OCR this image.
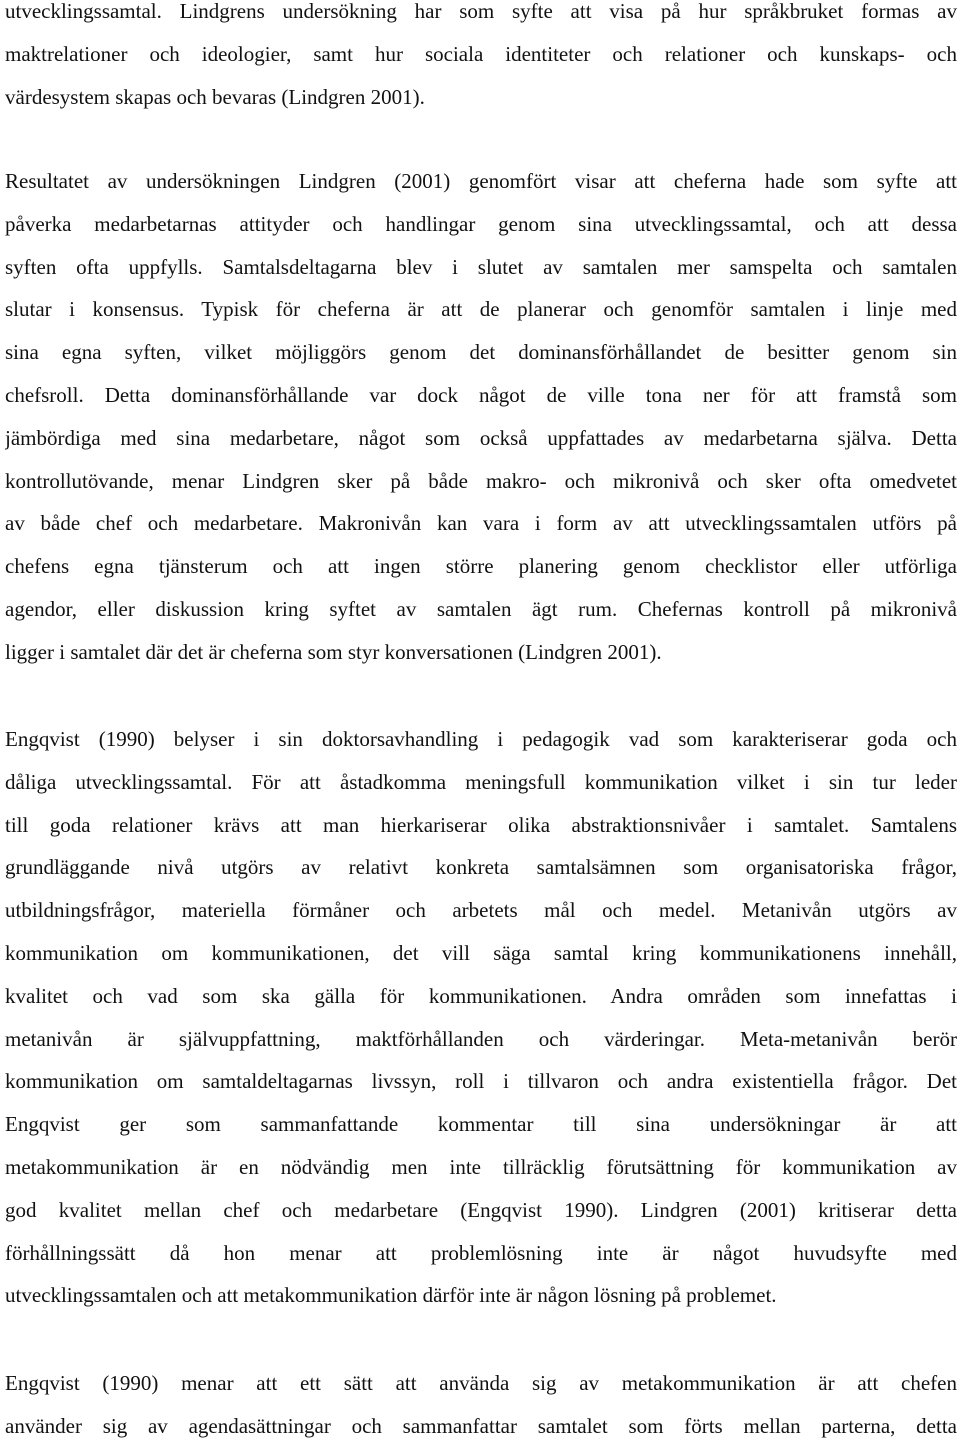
utvecklingssamtal. Lindgrens undersökning har som syfte att visa på hur språkbruket formas av
maktrelationer och ideologier, samt hur sociala identiteter och relationer och kunskaps- och
värdesystem skapas och bevaras (Lindgren 2001).
Resultatet av undersökningen Lindgren (2001) genomfört visar att cheferna hade som syfte att
påverka medarbetarnas attityder och handlingar genom sina utvecklingssamtal, och att dessa
syften ofta uppfylls. Samtalsdeltagarna blev i slutet av samtalen mer samspelta och samtalen
slutar i konsensus. Typisk för cheferna är att de planerar och genomför samtalen i linje med
sina egna syften, vilket möjliggörs genom det dominansförhållandet de besitter genom sin
chefsroll. Detta dominansförhållande var dock något de ville tona ner för att framstå som
jämbördiga med sina medarbetare, något som också uppfattades av medarbetarna själva. Detta
kontrollutövande, menar Lindgren sker på både makro- och mikronivå och sker ofta omedvetet
av både chef och medarbetare. Makronivån kan vara i form av att utvecklingssamtalen utförs på
chefens egna tjänsterum och att ingen större planering genom checklistor eller utförliga
agendor, eller diskussion kring syftet av samtalen ägt rum. Chefernas kontroll på mikronivå
ligger i samtalet där det är cheferna som styr konversationen (Lindgren 2001).
Engqvist (1990) belyser i sin doktorsavhandling i pedagogik vad som karakteriserar goda och
dåliga utvecklingssamtal. För att åstadkomma meningsfull kommunikation vilket i sin tur leder
till goda relationer krävs att man hierkariserar olika abstraktionsnivåer i samtalet. Samtalens
grundläggande nivå utgörs av relativt konkreta samtalsämnen som organisatoriska frågor,
utbildningsfrågor, materiella förmåner och arbetets mål och medel. Metanivån utgörs av
kommunikation om kommunikationen, det vill säga samtal kring kommunikationens innehåll,
kvalitet och vad som ska gälla för kommunikationen. Andra områden som innefattas i
metanivån är självuppfattning, maktförhållanden och värderingar. Meta-metanivån berör
kommunikation om samtaldeltagarnas livssyn, roll i tillvaron och andra existentiella frågor. Det
Engqvist ger som sammanfattande kommentar till sina undersökningar är att
metakommunikation är en nödvändig men inte tillräcklig förutsättning för kommunikation av
god kvalitet mellan chef och medarbetare (Engqvist 1990). Lindgren (2001) kritiserar detta
förhållningssätt då hon menar att problemlösning inte är något huvudsyfte med
utvecklingssamtalen och att metakommunikation därför inte är någon lösning på problemet.
Engqvist (1990) menar att ett sätt att använda sig av metakommunikation är att chefen
använder sig av agendasättningar och sammanfattar samtalet som förts mellan parterna, detta
